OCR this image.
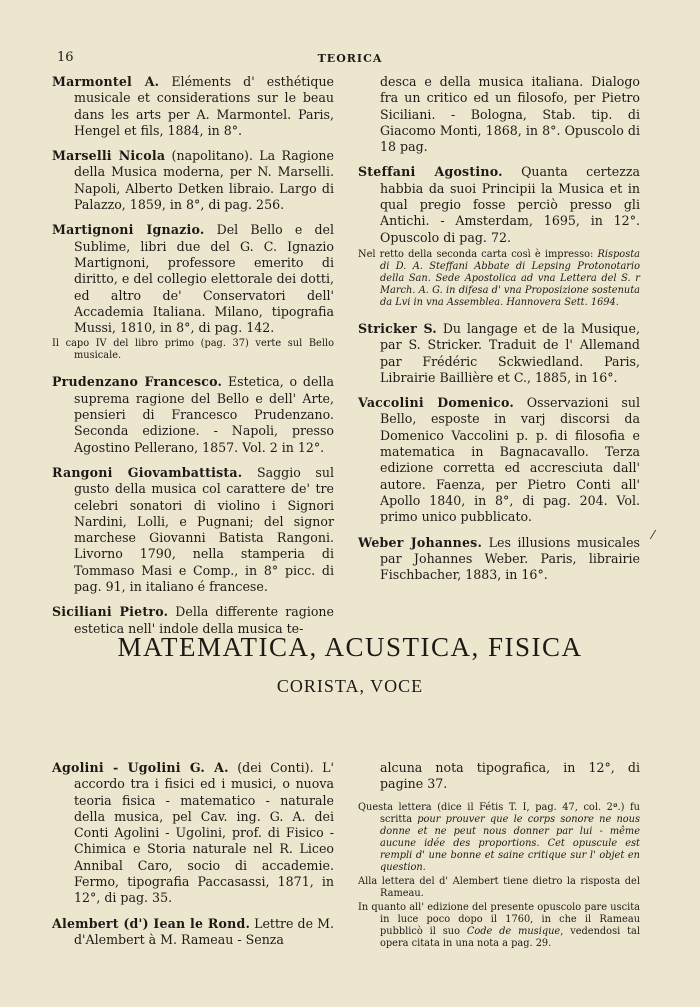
16	TEORICA

Marmontel A. Eléments d' esthétique musicale et considerations sur le beau dans les arts per A. Marmontel. Paris, Hengel et fils, 1884, in 8°.

Marselli Nicola (napolitano). La Ragione della Musica moderna, per N. Marselli. Napoli, Alberto Detken libraio. Largo di Palazzo, 1859, in 8°, di pag. 256.

Martignoni Ignazio. Del Bello e del Sublime, libri due del G. C. Ignazio Martignoni, professore emerito di diritto, e del collegio elettorale dei dotti, ed altro de' Conservatori dell' Accademia Italiana. Milano, tipografia Mussi, 1810, in 8°, di pag. 142.

Il capo IV del libro primo (pag. 37) verte sul Bello musicale.

Prudenzano Francesco. Estetica, o della suprema ragione del Bello e dell' Arte, pensieri di Francesco Prudenzano. Seconda edizione. - Napoli, presso Agostino Pellerano, 1857. Vol. 2 in 12°.

Rangoni Giovambattista. Saggio sul gusto della musica col carattere de' tre celebri sonatori di violino i Signori Nardini, Lolli, e Pugnani; del signor marchese Giovanni Batista Rangoni. Livorno 1790, nella stamperia di Tommaso Masi e Comp., in 8° picc. di pag. 91, in italiano é francese.

Siciliani Pietro. Della differente ragione estetica nell' indole della musica te-

desca e della musica italiana. Dialogo fra un critico ed un filosofo, per Pietro Siciliani. - Bologna, Stab. tip. di Giacomo Monti, 1868, in 8°. Opuscolo di 18 pag.

Steffani Agostino. Quanta certezza habbia da suoi Principii la Musica et in qual pregio fosse perciò presso gli Antichi. - Amsterdam, 1695, in 12°. Opuscolo di pag. 72.

Nel retto della seconda carta così è impresso: Risposta di D. A. Steffani Abbate di Lepsing Protonotario della San. Sede Apostolica ad vna Lettera del S. r March. A. G. in difesa d' vna Proposizione sostenuta da Lvi in vna Assemblea. Hannovera Sett. 1694.

Stricker S. Du langage et de la Musique, par S. Stricker. Traduit de l' Allemand par Frédéric Sckwiedland. Paris, Librairie Baillière et C., 1885, in 16°.

Vaccolini Domenico. Osservazioni sul Bello, esposte in varj discorsi da Domenico Vaccolini p. p. di filosofia e matematica in Bagnacavallo. Terza edizione corretta ed accresciuta dall' autore. Faenza, per Pietro Conti all' Apollo 1840, in 8°, di pag. 204. Vol. primo unico pubblicato.

Weber Johannes. Les illusions musicales par Johannes Weber. Paris, librairie Fischbacher, 1883, in 16°.

⁄
MATEMATICA, ACUSTICA, FISICA
CORISTA, VOCE

Agolini - Ugolini G. A. (dei Conti). L' accordo tra i fisici ed i musici, o nuova teoria fisica - matematico - naturale della musica, pel Cav. ing. G. A. dei Conti Agolini - Ugolini, prof. di Fisico - Chimica e Storia naturale nel R. Liceo Annibal Caro, socio di accademie. Fermo, tipografia Paccasassi, 1871, in 12°, di pag. 35.

Alembert (d') Iean le Rond. Lettre de M. d'Alembert à M. Rameau - Senza

alcuna nota tipografica, in 12°, di pagine 37.

Questa lettera (dice il Fétis T. I, pag. 47, col. 2ª.) fu scritta pour prouver que le corps sonore ne nous donne et ne peut nous donner par lui - même aucune idée des proportions. Cet opuscule est rempli d' une bonne et saine critique sur l' objet en question.

Alla lettera del d' Alembert tiene dietro la risposta del Rameau.

In quanto all' edizione del presente opuscolo pare uscita in luce poco dopo il 1760, in che il Rameau pubblicò il suo Code de musique, vedendosi tal opera citata in una nota a pag. 29.
